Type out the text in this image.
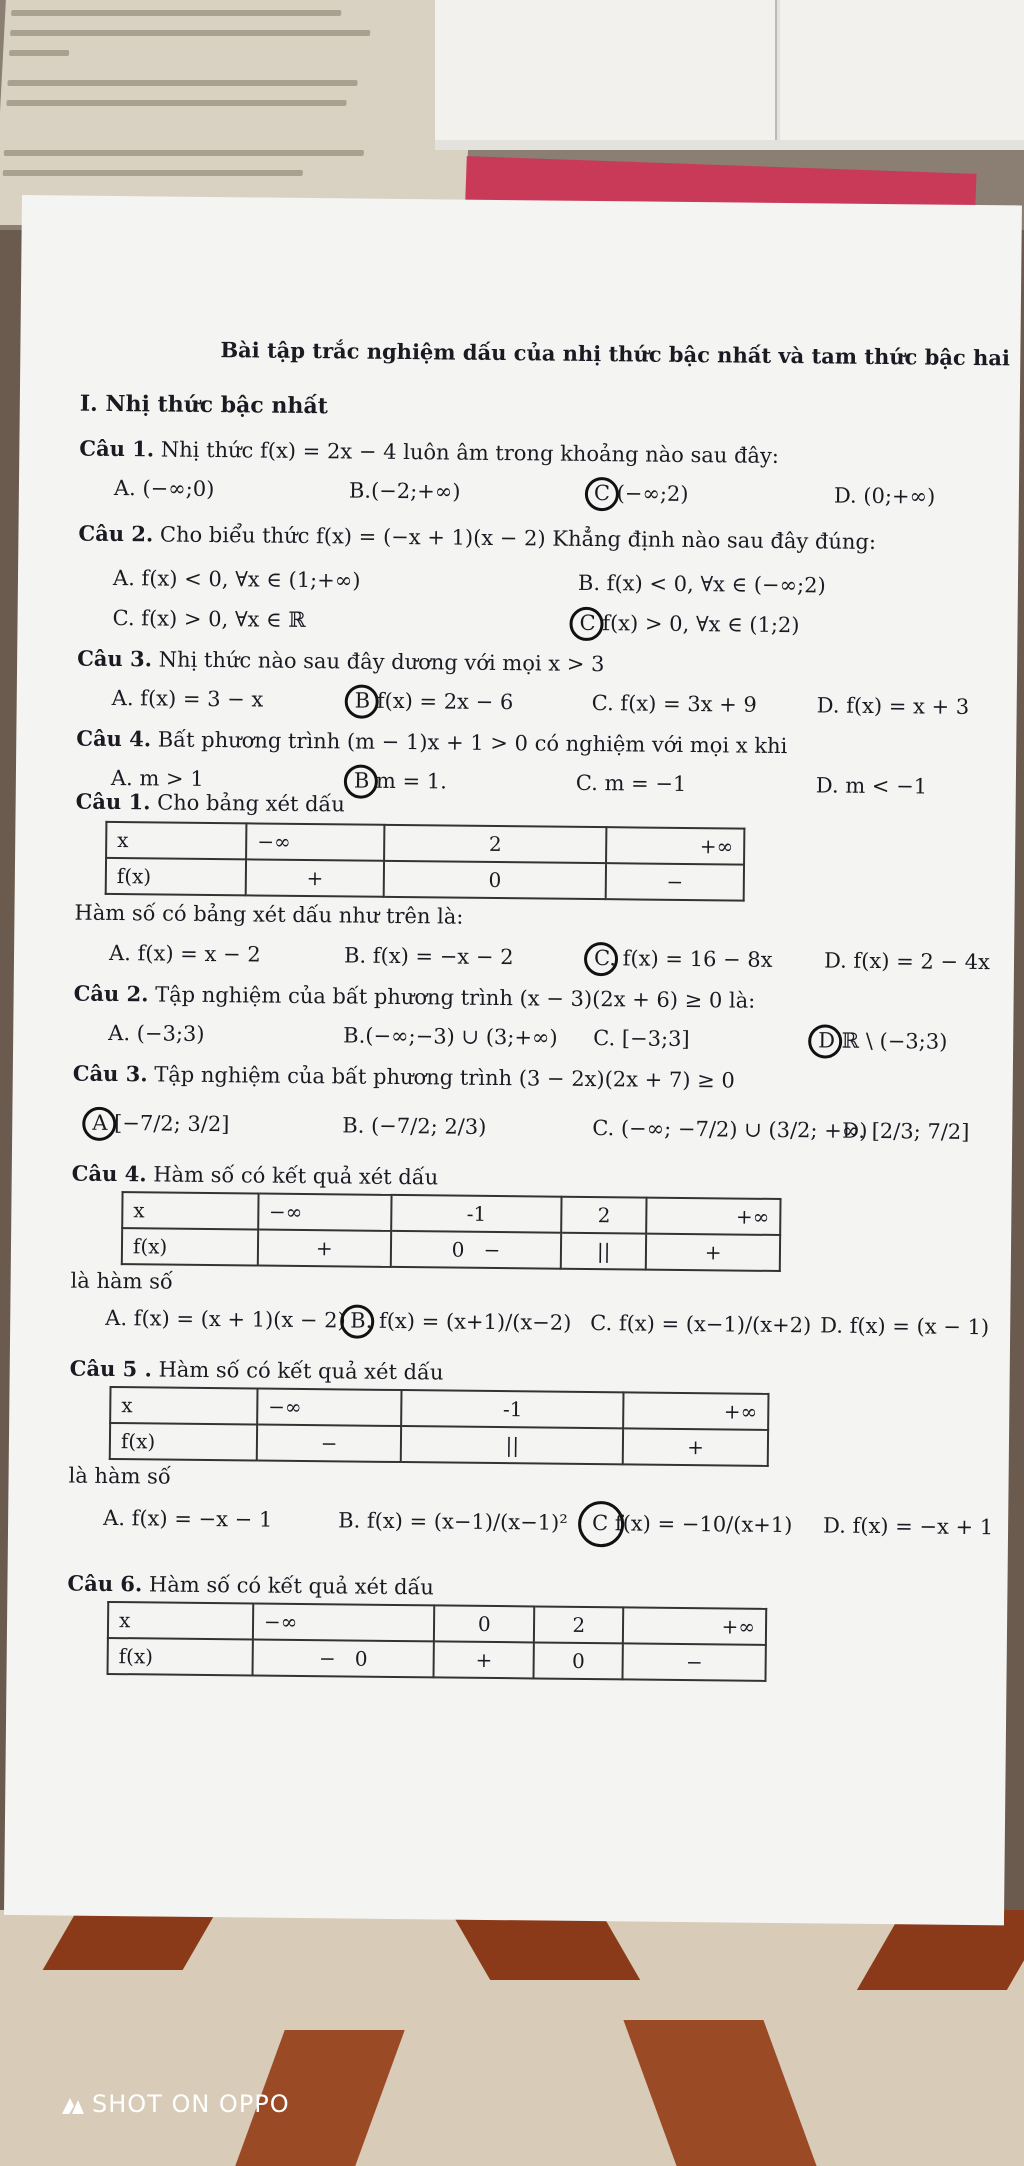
Bài tập trắc nghiệm dấu của nhị thức bậc nhất và tam thức bậc hai
I. Nhị thức bậc nhất
Câu 1. Nhị thức f(x) = 2x − 4 luôn âm trong khoảng nào sau đây:
A. (−∞;0)	B.(−2;+∞)	C (−∞;2)	D. (0;+∞)
Câu 2. Cho biểu thức f(x) = (−x + 1)(x − 2) Khẳng định nào sau đây đúng:
A. f(x) < 0, ∀x ∈ (1;+∞)	B. f(x) < 0, ∀x ∈ (−∞;2)
C. f(x) > 0, ∀x ∈ ℝ	C f(x) > 0, ∀x ∈ (1;2)
Câu 3. Nhị thức nào sau đây dương với mọi x > 3
A. f(x) = 3 − x	B f(x) = 2x − 6	C. f(x) = 3x + 9	D. f(x) = x + 3
Câu 4. Bất phương trình (m − 1)x + 1 > 0 có nghiệm với mọi x khi
A. m > 1	B m = 1.	C. m = −1	D. m < −1
Câu 1. Cho bảng xét dấu
x	−∞	2	+∞
f(x)	+	0	−
Hàm số có bảng xét dấu như trên là:
A. f(x) = x − 2	B. f(x) = −x − 2	C. f(x) = 16 − 8x D. f(x) = 2 − 4x
Câu 2. Tập nghiệm của bất phương trình (x − 3)(2x + 6) ≥ 0 là:
A. (−3;3)	B.(−∞;−3) ∪ (3;+∞) C. [−3;3]	D ℝ \ (−3;3)
Câu 3. Tập nghiệm của bất phương trình (3 − 2x)(2x + 7) ≥ 0
A [−7/2; 3/2]	B. (−7/2; 2/3)	C. (−∞; −7/2) ∪ (3/2; +∞)
D. [2/3; 7/2]
Câu 4. Hàm số có kết quả xét dấu
x	−∞	-1	2	+∞
f(x)	+	0 −	||	+
là hàm số
A. f(x) = (x + 1)(x − 2) B. f(x) = (x+1)/(x−2) C. f(x) = (x−1)/(x+2) D. f(x) = (x − 1)
Câu 5 . Hàm số có kết quả xét dấu
x	−∞	-1	+∞
f(x)	−	||	+
là hàm số
A. f(x) = −x − 1	B. f(x) = (x−1)/(x−1)² C f(x) = −10/(x+1) D. f(x) = −x + 1
Câu 6. Hàm số có kết quả xét dấu
x	−∞	0	2	+∞
f(x)	− 0	+	0	−
SHOT ON OPPO
